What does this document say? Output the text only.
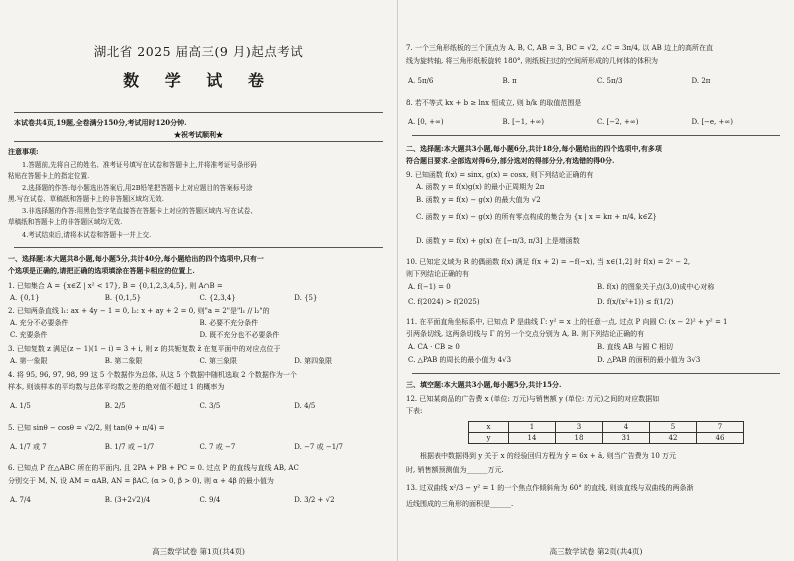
湖北省 2025 届高三(9 月)起点考试
数 学 试 卷
本试卷共4页,19题,全卷满分150分,考试用时120分钟.
★祝考试顺利★
注意事项:
1.答题前,先将自己的姓名、准考证号填写在试卷和答题卡上,并将准考证号条形码
粘贴在答题卡上的指定位置.
2.选择题的作答:每小题选出答案后,用2B铅笔把答题卡上对应题目的答案标号涂
黑.写在试卷、草稿纸和答题卡上的非答题区域均无效.
3.非选择题的作答:用黑色签字笔直接答在答题卡上对应的答题区域内.写在试卷、
草稿纸和答题卡上的非答题区域均无效.
4.考试结束后,请将本试卷和答题卡一并上交.
一、选择题:本大题共8小题,每小题5分,共计40分,每小题给出的四个选项中,只有一
个选项是正确的,请把正确的选项填涂在答题卡相应的位置上.
1. 已知集合 A = {x∈Z | x² < 17}, B = {0,1,2,3,4,5}, 则 A∩B =
A. {0,1}	B. {0,1,5}	C. {2,3,4}	D. {5}
2. 已知两条直线 l₁: ax + 4y − 1 = 0, l₂: x + ay + 2 = 0, 则"a = 2"是"l₁ // l₂"的
A. 充分不必要条件	B. 必要不充分条件
C. 充要条件	D. 既不充分也不必要条件
3. 已知复数 z 满足(z − 1)(1 − i) = 3 + i, 则 z 的共轭复数 z̄ 在复平面中的对应点位于
A. 第一象限	B. 第二象限	C. 第三象限	D. 第四象限
4. 将 95, 96, 97, 98, 99 这 5 个数据作为总体, 从这 5 个数据中随机选取 2 个数据作为一个
样本, 则该样本的平均数与总体平均数之差的绝对值不超过 1 的概率为
A. 1/5	B. 2/5	C. 3/5	D. 4/5
5. 已知 sinθ − cosθ = √2/2, 则 tan(θ + π/4) =
A. 1/7 或 7	B. 1/7 或 −1/7	C. 7 或 −7	D. −7 或 −1/7
6. 已知点 P 在△ABC 所在的平面内, 且 2PA + PB + PC = 0. 过点 P 的直线与直线 AB, AC
分别交于 M, N, 设 AM = αAB, AN = βAC, (α > 0, β > 0), 则 α + 4β 的最小值为
A. 7/4	B. (3+2√2)/4	C. 9/4	D. 3/2 + √2
高三数学试卷 第1页(共4页)
7. 一个三角形纸板的三个顶点为 A, B, C, AB = 3, BC = √2, ∠C = 3π/4, 以 AB 边上的高所在直
线为旋转轴, 将三角形纸板旋转 180°, 则纸板扫过的空间所形成的几何体的体积为
A. 5π/6	B. π	C. 5π/3	D. 2π
8. 若不等式 kx + b ≥ lnx 恒成立, 则 b/k 的取值范围是
A. [0, +∞)	B. [−1, +∞)	C. [−2, +∞)	D. [−e, +∞)
二、选择题:本大题共3小题,每小题6分,共计18分,每小题给出的四个选项中,有多项
符合题目要求.全部选对得6分,部分选对的得部分分,有选错的得0分.
9. 已知函数 f(x) = sinx, g(x) = cosx, 则下列结论正确的有
A. 函数 y = f(x)g(x) 的最小正周期为 2π
B. 函数 y = f(x) − g(x) 的最大值为 √2
C. 函数 y = f(x) − g(x) 的所有零点构成的集合为 {x | x = kπ + π/4, k∈Z}
D. 函数 y = f(x) + g(x) 在 [−π/3, π/3] 上是增函数
10. 已知定义域为 R 的偶函数 f(x) 满足 f(x + 2) = −f(−x), 当 x∈(1,2] 时 f(x) = 2ˣ − 2,
则下列结论正确的有
A. f(−1) = 0	B. f(x) 的图象关于点(3,0)成中心对称
C. f(2024) > f(2025)	D. f(x/(x²+1)) ≤ f(1/2)
11. 在平面直角坐标系中, 已知点 P 是曲线 Γ: y² = x 上的任意一点, 过点 P 向圆 C: (x − 2)² + y² = 1
引两条切线, 这两条切线与 Γ 的另一个交点分别为 A, B. 则下列结论正确的有
A. CA · CB ≥ 0	B. 直线 AB 与圆 C 相切
C. △PAB 的周长的最小值为 4√3	D. △PAB 的面积的最小值为 3√3
三、填空题:本大题共3小题,每小题5分,共计15分.
12. 已知某商品的广告费 x (单位: 万元)与销售额 y (单位: 万元)之间的对应数据如
下表:
x	1	3	4	5	7
y	14	18	31	42	46
根据表中数据得到 y 关于 x 的经验回归方程为 ŷ = 6x + â, 则当广告费为 10 万元
时, 销售额预测值为______万元.
13. 过双曲线 x²/3 − y² = 1 的一个焦点作倾斜角为 60° 的直线, 则该直线与双曲线的两条渐
近线围成的三角形的面积是______.
高三数学试卷 第2页(共4页)
